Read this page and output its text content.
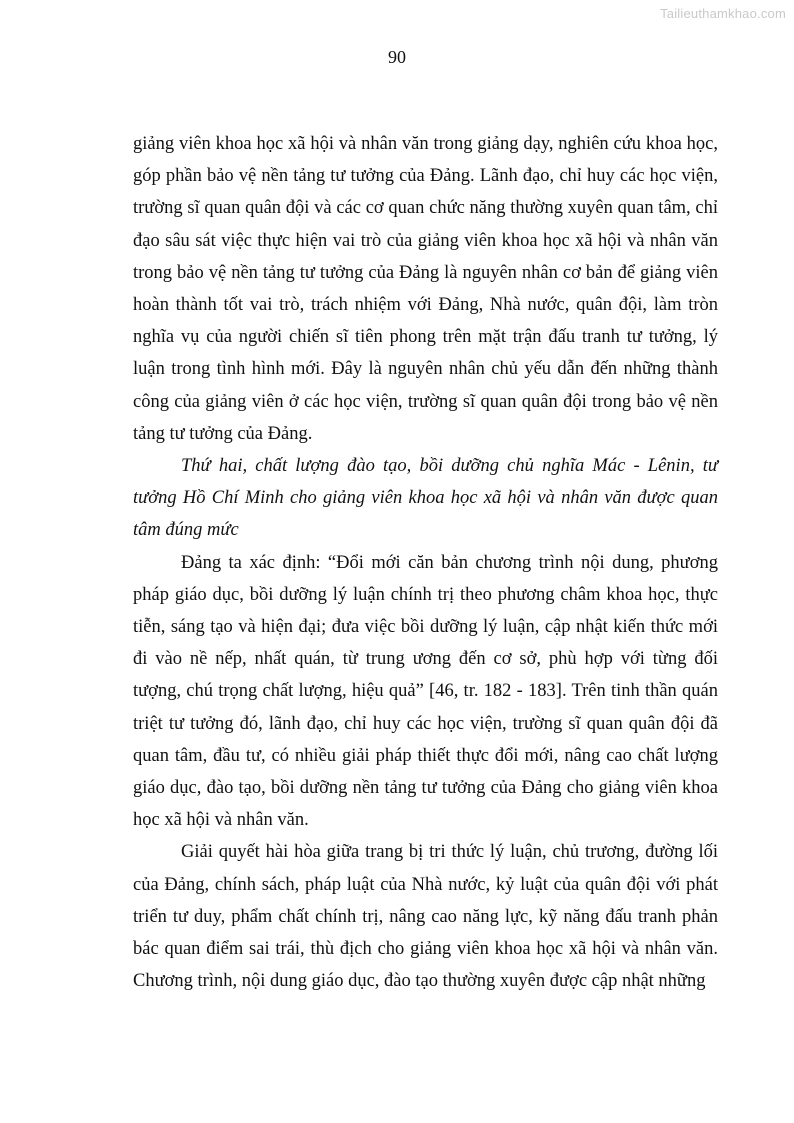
Tailieuthamkhao.com
90

giảng viên khoa học xã hội và nhân văn trong giảng dạy, nghiên cứu khoa học, góp phần bảo vệ nền tảng tư tưởng của Đảng. Lãnh đạo, chỉ huy các học viện, trường sĩ quan quân đội và các cơ quan chức năng thường xuyên quan tâm, chỉ đạo sâu sát việc thực hiện vai trò của giảng viên khoa học xã hội và nhân văn trong bảo vệ nền tảng tư tưởng của Đảng là nguyên nhân cơ bản để giảng viên hoàn thành tốt vai trò, trách nhiệm với Đảng, Nhà nước, quân đội, làm tròn nghĩa vụ của người chiến sĩ tiên phong trên mặt trận đấu tranh tư tưởng, lý luận trong tình hình mới. Đây là nguyên nhân chủ yếu dẫn đến những thành công của giảng viên ở các học viện, trường sĩ quan quân đội trong bảo vệ nền tảng tư tưởng của Đảng.

Thứ hai, chất lượng đào tạo, bồi dưỡng chủ nghĩa Mác - Lênin, tư tưởng Hồ Chí Minh cho giảng viên khoa học xã hội và nhân văn được quan tâm đúng mức

Đảng ta xác định: “Đổi mới căn bản chương trình nội dung, phương pháp giáo dục, bồi dưỡng lý luận chính trị theo phương châm khoa học, thực tiễn, sáng tạo và hiện đại; đưa việc bồi dưỡng lý luận, cập nhật kiến thức mới đi vào nề nếp, nhất quán, từ trung ương đến cơ sở, phù hợp với từng đối tượng, chú trọng chất lượng, hiệu quả” [46, tr. 182 - 183]. Trên tinh thần quán triệt tư tưởng đó, lãnh đạo, chỉ huy các học viện, trường sĩ quan quân đội đã quan tâm, đầu tư, có nhiều giải pháp thiết thực đổi mới, nâng cao chất lượng giáo dục, đào tạo, bồi dưỡng nền tảng tư tưởng của Đảng cho giảng viên khoa học xã hội và nhân văn.

Giải quyết hài hòa giữa trang bị tri thức lý luận, chủ trương, đường lối của Đảng, chính sách, pháp luật của Nhà nước, kỷ luật của quân đội với phát triển tư duy, phẩm chất chính trị, nâng cao năng lực, kỹ năng đấu tranh phản bác quan điểm sai trái, thù địch cho giảng viên khoa học xã hội và nhân văn. Chương trình, nội dung giáo dục, đào tạo thường xuyên được cập nhật những
